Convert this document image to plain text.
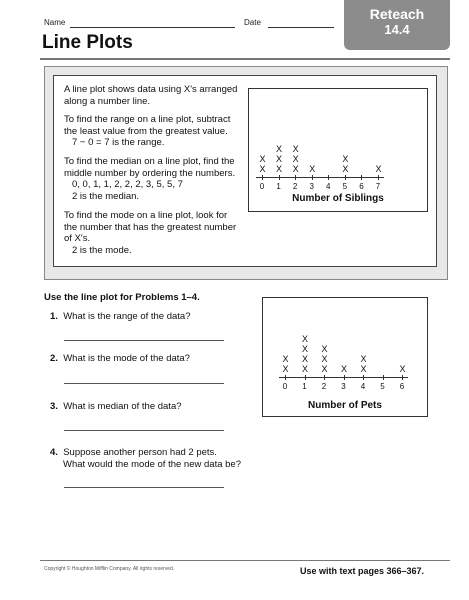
Name	Date
Reteach
14.4
Line Plots
A line plot shows data using X's arranged
along a number line.
To find the range on a line plot, subtract
the least value from the greatest value.
7 − 0 = 7 is the range.
To find the median on a line plot, find the
middle number by ordering the numbers.
0, 0, 1, 1, 2, 2, 2, 3, 5, 5, 7
2 is the median.
To find the mode on a line plot, look for
the number that has the greatest number
of X's.
2 is the mode.
Number of Siblings
0
X
X
1
X
X
X
2
X
X
X
3
X
4	5
X
X
6	7
X
Use the line plot for Problems 1–4.
1. What is the range of the data?
2. What is the mode of the data?
3. What is median of the data?
4. Suppose another person had 2 pets.
What would the mode of the new data be?
Number of Pets
0
X
X
1
X
X
X
X
2
X
X
X
3
X
4
X
X
5	6
X
Copyright © Houghton Mifflin Company. All rights reserved.	Use with text pages 366–367.
